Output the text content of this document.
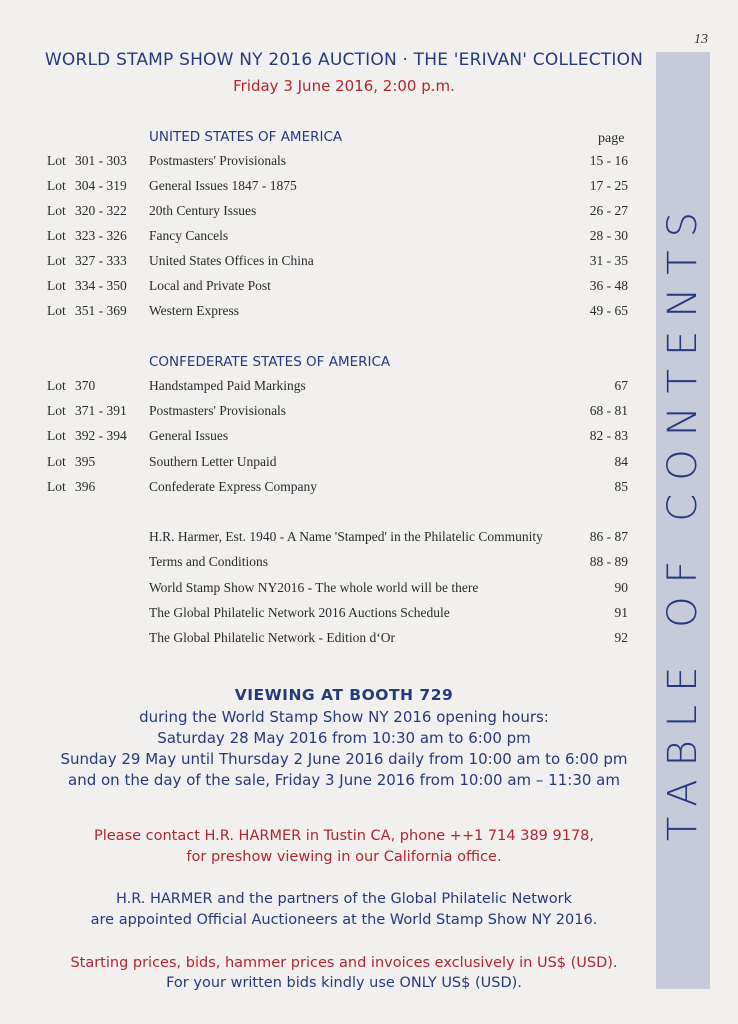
13
WORLD STAMP SHOW NY 2016 AUCTION · THE 'ERIVAN' COLLECTION
Friday 3 June 2016, 2:00 p.m.
TABLE OF CONTENTS
UNITED STATES OF AMERICA	page
Lot 301 - 303 Postmasters' Provisionals	15 - 16
Lot 304 - 319 General Issues 1847 - 1875	17 - 25
Lot 320 - 322 20th Century Issues	26 - 27
Lot 323 - 326 Fancy Cancels	28 - 30
Lot 327 - 333 United States Offices in China	31 - 35
Lot 334 - 350 Local and Private Post	36 - 48
Lot 351 - 369 Western Express	49 - 65
CONFEDERATE STATES OF AMERICA
Lot 370	Handstamped Paid Markings	67
Lot 371 - 391 Postmasters' Provisionals	68 - 81
Lot 392 - 394 General Issues	82 - 83
Lot 395	Southern Letter Unpaid	84
Lot 396	Confederate Express Company	85
H.R. Harmer, Est. 1940 - A Name 'Stamped' in the Philatelic Community	86 - 87
Terms and Conditions	88 - 89
World Stamp Show NY2016 - The whole world will be there	90
The Global Philatelic Network 2016 Auctions Schedule	91
The Global Philatelic Network - Edition d‘Or	92
VIEWING AT BOOTH 729
during the World Stamp Show NY 2016 opening hours:
Saturday 28 May 2016 from 10:30 am to 6:00 pm
Sunday 29 May until Thursday 2 June 2016 daily from 10:00 am to 6:00 pm
and on the day of the sale, Friday 3 June 2016 from 10:00 am – 11:30 am
Please contact H.R. HARMER in Tustin CA, phone ++1 714 389 9178,
for preshow viewing in our California office.
H.R. HARMER and the partners of the Global Philatelic Network
are appointed Official Auctioneers at the World Stamp Show NY 2016.
Starting prices, bids, hammer prices and invoices exclusively in US$ (USD).
For your written bids kindly use ONLY US$ (USD).
